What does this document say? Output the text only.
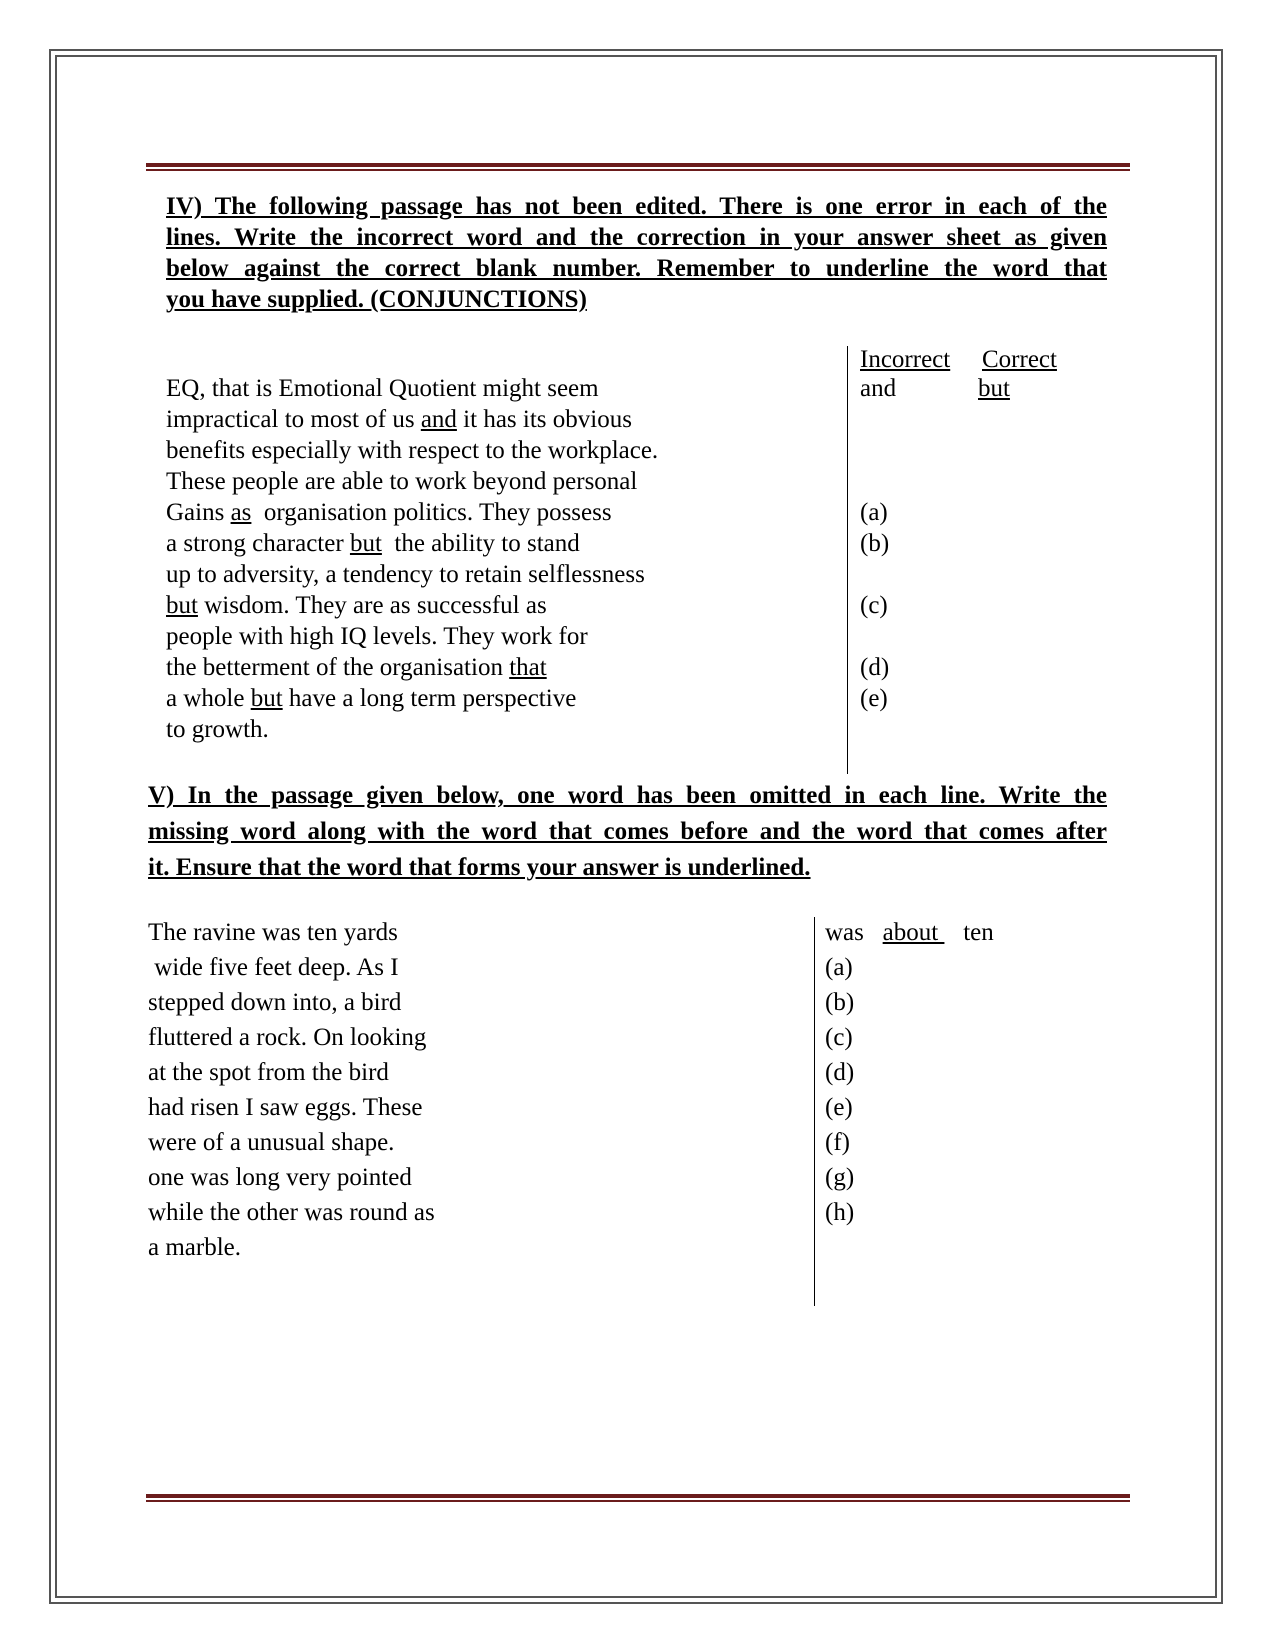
IV) The following passage has not been edited. There is one error in each of the
lines. Write the incorrect word and the correction in your answer sheet as given
below against the correct blank number. Remember to underline the word that
you have supplied. (CONJUNCTIONS)
EQ, that is Emotional Quotient might seem
impractical to most of us and it has its obvious
benefits especially with respect to the workplace.
These people are able to work beyond personal
Gains as  organisation politics. They possess
a strong character but  the ability to stand
up to adversity, a tendency to retain selflessness
but wisdom. They are as successful as
people with high IQ levels. They work for
the betterment of the organisation that
a whole but have a long term perspective
to growth.
Incorrect Correct
and	but
(a)
(b)
(c)
(d)
(e)
V) In the passage given below, one word has been omitted in each line. Write the
missing word along with the word that comes before and the word that comes after
it. Ensure that the word that forms your answer is underlined.
The ravine was ten yards
wide five feet deep. As I
stepped down into, a bird
fluttered a rock. On looking
at the spot from the bird
had risen I saw eggs. These
were of a unusual shape.
one was long very pointed
while the other was round as
a marble.
was about    ten
(a)
(b)
(c)
(d)
(e)
(f)
(g)
(h)
